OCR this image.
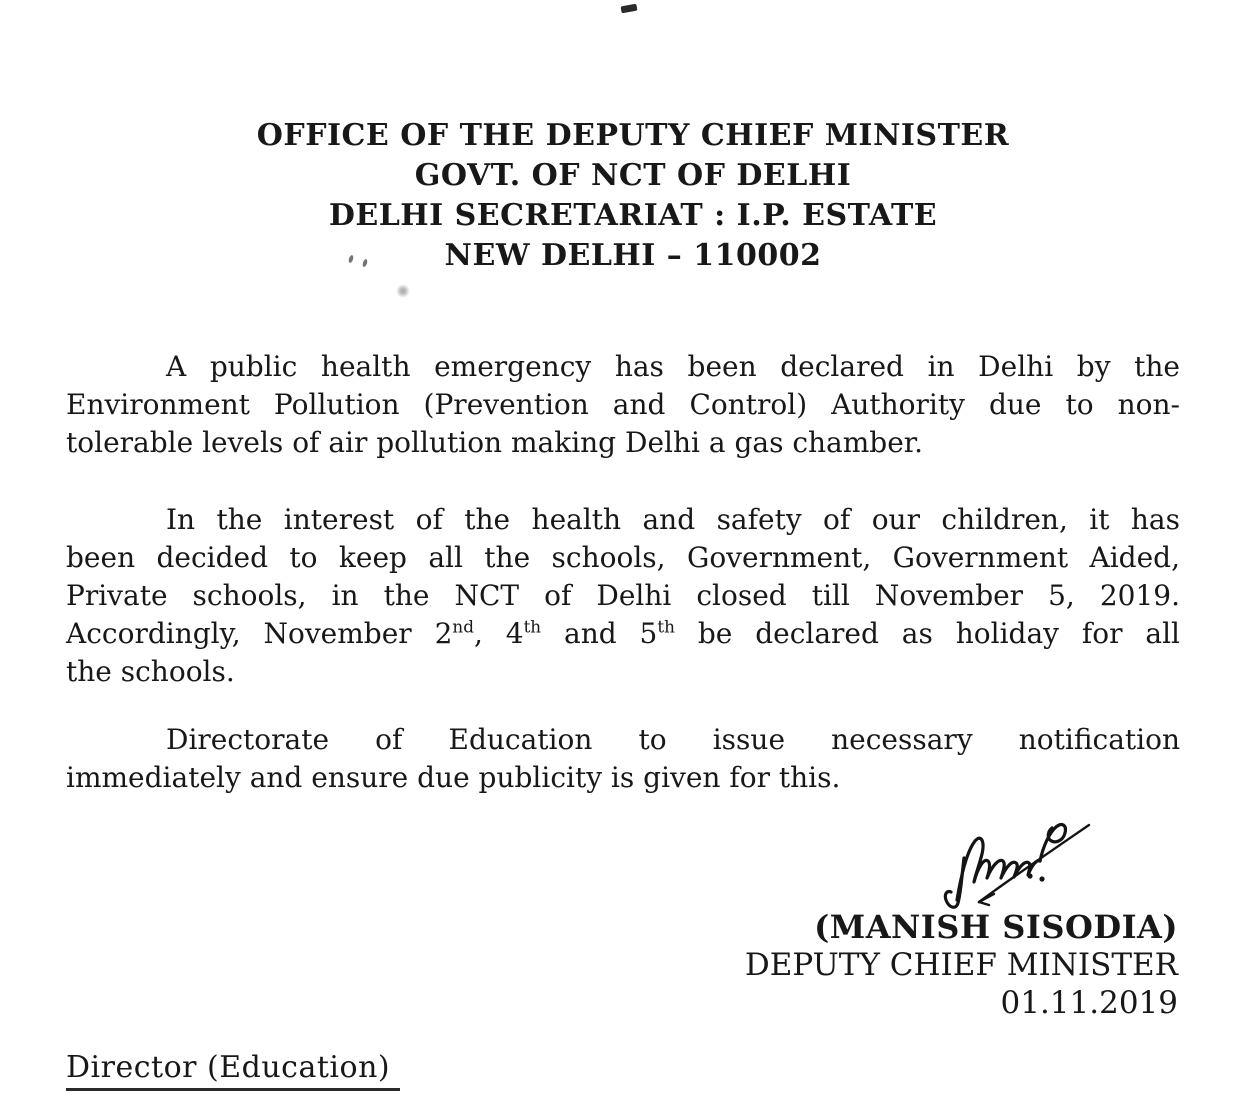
OFFICE OF THE DEPUTY CHIEF MINISTER
GOVT. OF NCT OF DELHI
DELHI SECRETARIAT : I.P. ESTATE
NEW DELHI – 110002
A public health emergency has been declared in Delhi by the
Environment Pollution (Prevention and Control) Authority due to non-
tolerable levels of air pollution making Delhi a gas chamber.
In the interest of the health and safety of our children, it has
been decided to keep all the schools, Government, Government Aided,
Private schools, in the NCT of Delhi closed till November 5, 2019.
Accordingly, November 2nd, 4th and 5th be declared as holiday for all
the schools.
Directorate of Education to issue necessary notification
immediately and ensure due publicity is given for this.
(MANISH SISODIA)
DEPUTY CHIEF MINISTER
01.11.2019
Director (Education)
